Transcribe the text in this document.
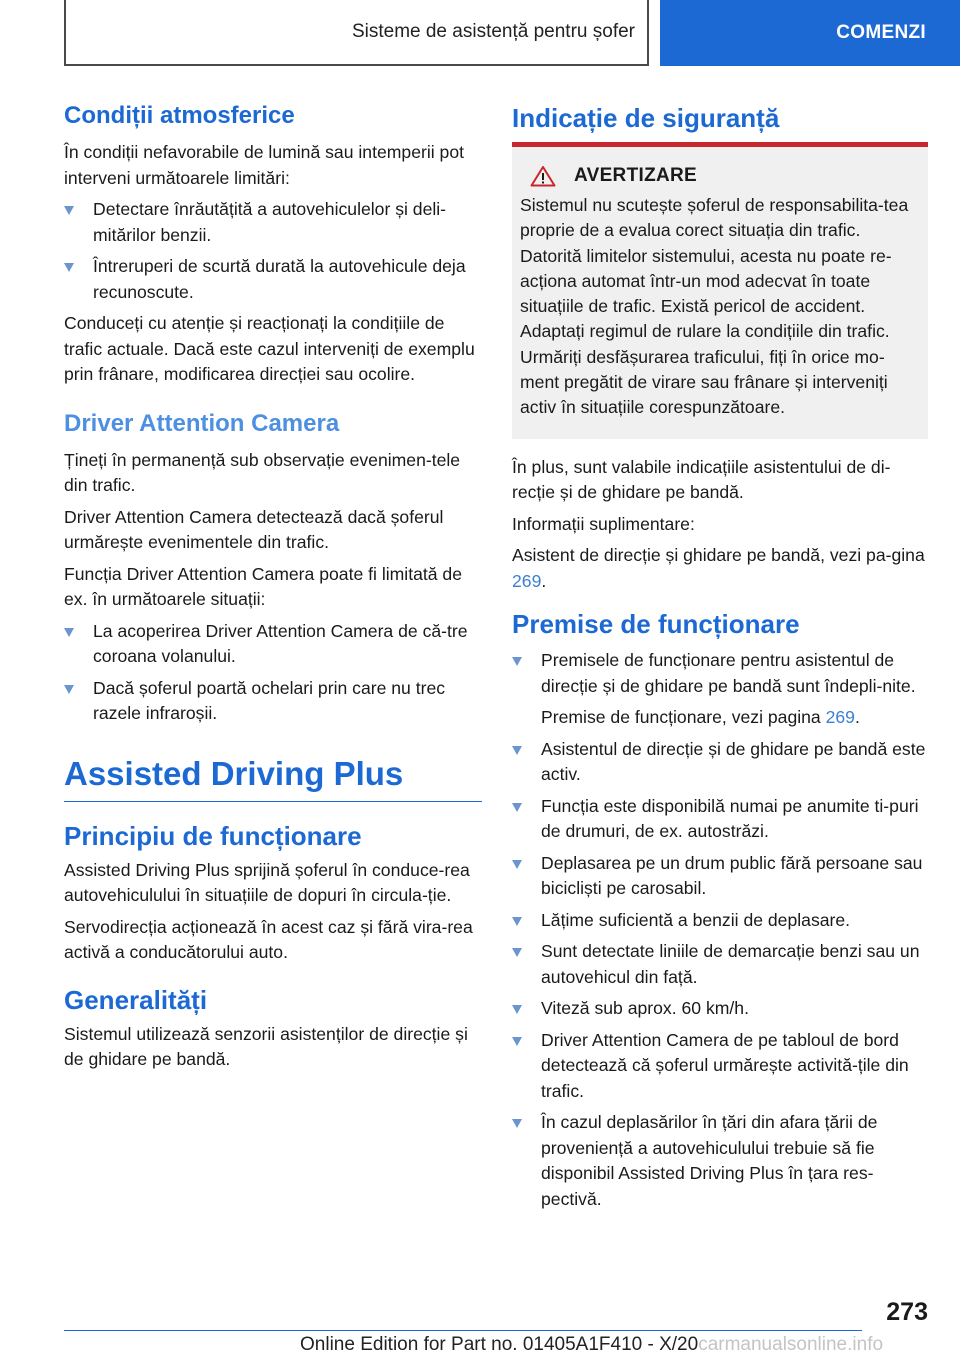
Sisteme de asistență pentru șofer	COMENZI
Condiții atmosferice

În condiții nefavorabile de lumină sau intemperii pot interveni următoarele limitări:

Detectare înrăutățită a autovehiculelor și deli-mitărilor benzii.
Întreruperi de scurtă durată la autovehicule deja recunoscute.

Conduceți cu atenție și reacționați la condițiile de trafic actuale. Dacă este cazul interveniți de exemplu prin frânare, modificarea direcției sau ocolire.

Driver Attention Camera

Țineți în permanență sub observație evenimen-tele din trafic.

Driver Attention Camera detectează dacă șoferul urmărește evenimentele din trafic.

Funcția Driver Attention Camera poate fi limitată de ex. în următoarele situații:

La acoperirea Driver Attention Camera de că-tre coroana volanului.
Dacă șoferul poartă ochelari prin care nu trec razele infraroșii.
Assisted Driving Plus
Principiu de funcționare

Assisted Driving Plus sprijină șoferul în conduce-rea autovehiculului în situațiile de dopuri în circula-ție.

Servodirecția acționează în acest caz și fără vira-rea activă a conducătorului auto.

Generalități

Sistemul utilizează senzorii asistenților de direcție și de ghidare pe bandă.

Indicație de siguranță
AVERTIZARE

Sistemul nu scutește șoferul de responsabilita-tea proprie de a evalua corect situația din trafic. Datorită limitelor sistemului, acesta nu poate re-acționa automat într-un mod adecvat în toate situațiile de trafic. Există pericol de accident. Adaptați regimul de rulare la condițiile din trafic. Urmăriți desfășurarea traficului, fiți în orice mo-ment pregătit de virare sau frânare și interveniți activ în situațiile corespunzătoare.

În plus, sunt valabile indicațiile asistentului de di-recție și de ghidare pe bandă.

Informații suplimentare:

Asistent de direcție și ghidare pe bandă, vezi pa-gina 269.

Premise de funcționare
Premisele de funcționare pentru asistentul de direcție și de ghidare pe bandă sunt îndepli-nite.
Premise de funcționare, vezi pagina 269.
Asistentul de direcție și de ghidare pe bandă este activ.
Funcția este disponibilă numai pe anumite ti-puri de drumuri, de ex. autostrăzi.
Deplasarea pe un drum public fără persoane sau bicicliști pe carosabil.
Lățime suficientă a benzii de deplasare.
Sunt detectate liniile de demarcație benzi sau un autovehicul din față.
Viteză sub aprox. 60 km/h.
Driver Attention Camera de pe tabloul de bord detectează că șoferul urmărește activită-țile din trafic.
În cazul deplasărilor în țări din afara țării de proveniență a autovehiculului trebuie să fie disponibil Assisted Driving Plus în țara res-pectivă.
273
Online Edition for Part no. 01405A1F410 - X/20carmanualsonline.info
